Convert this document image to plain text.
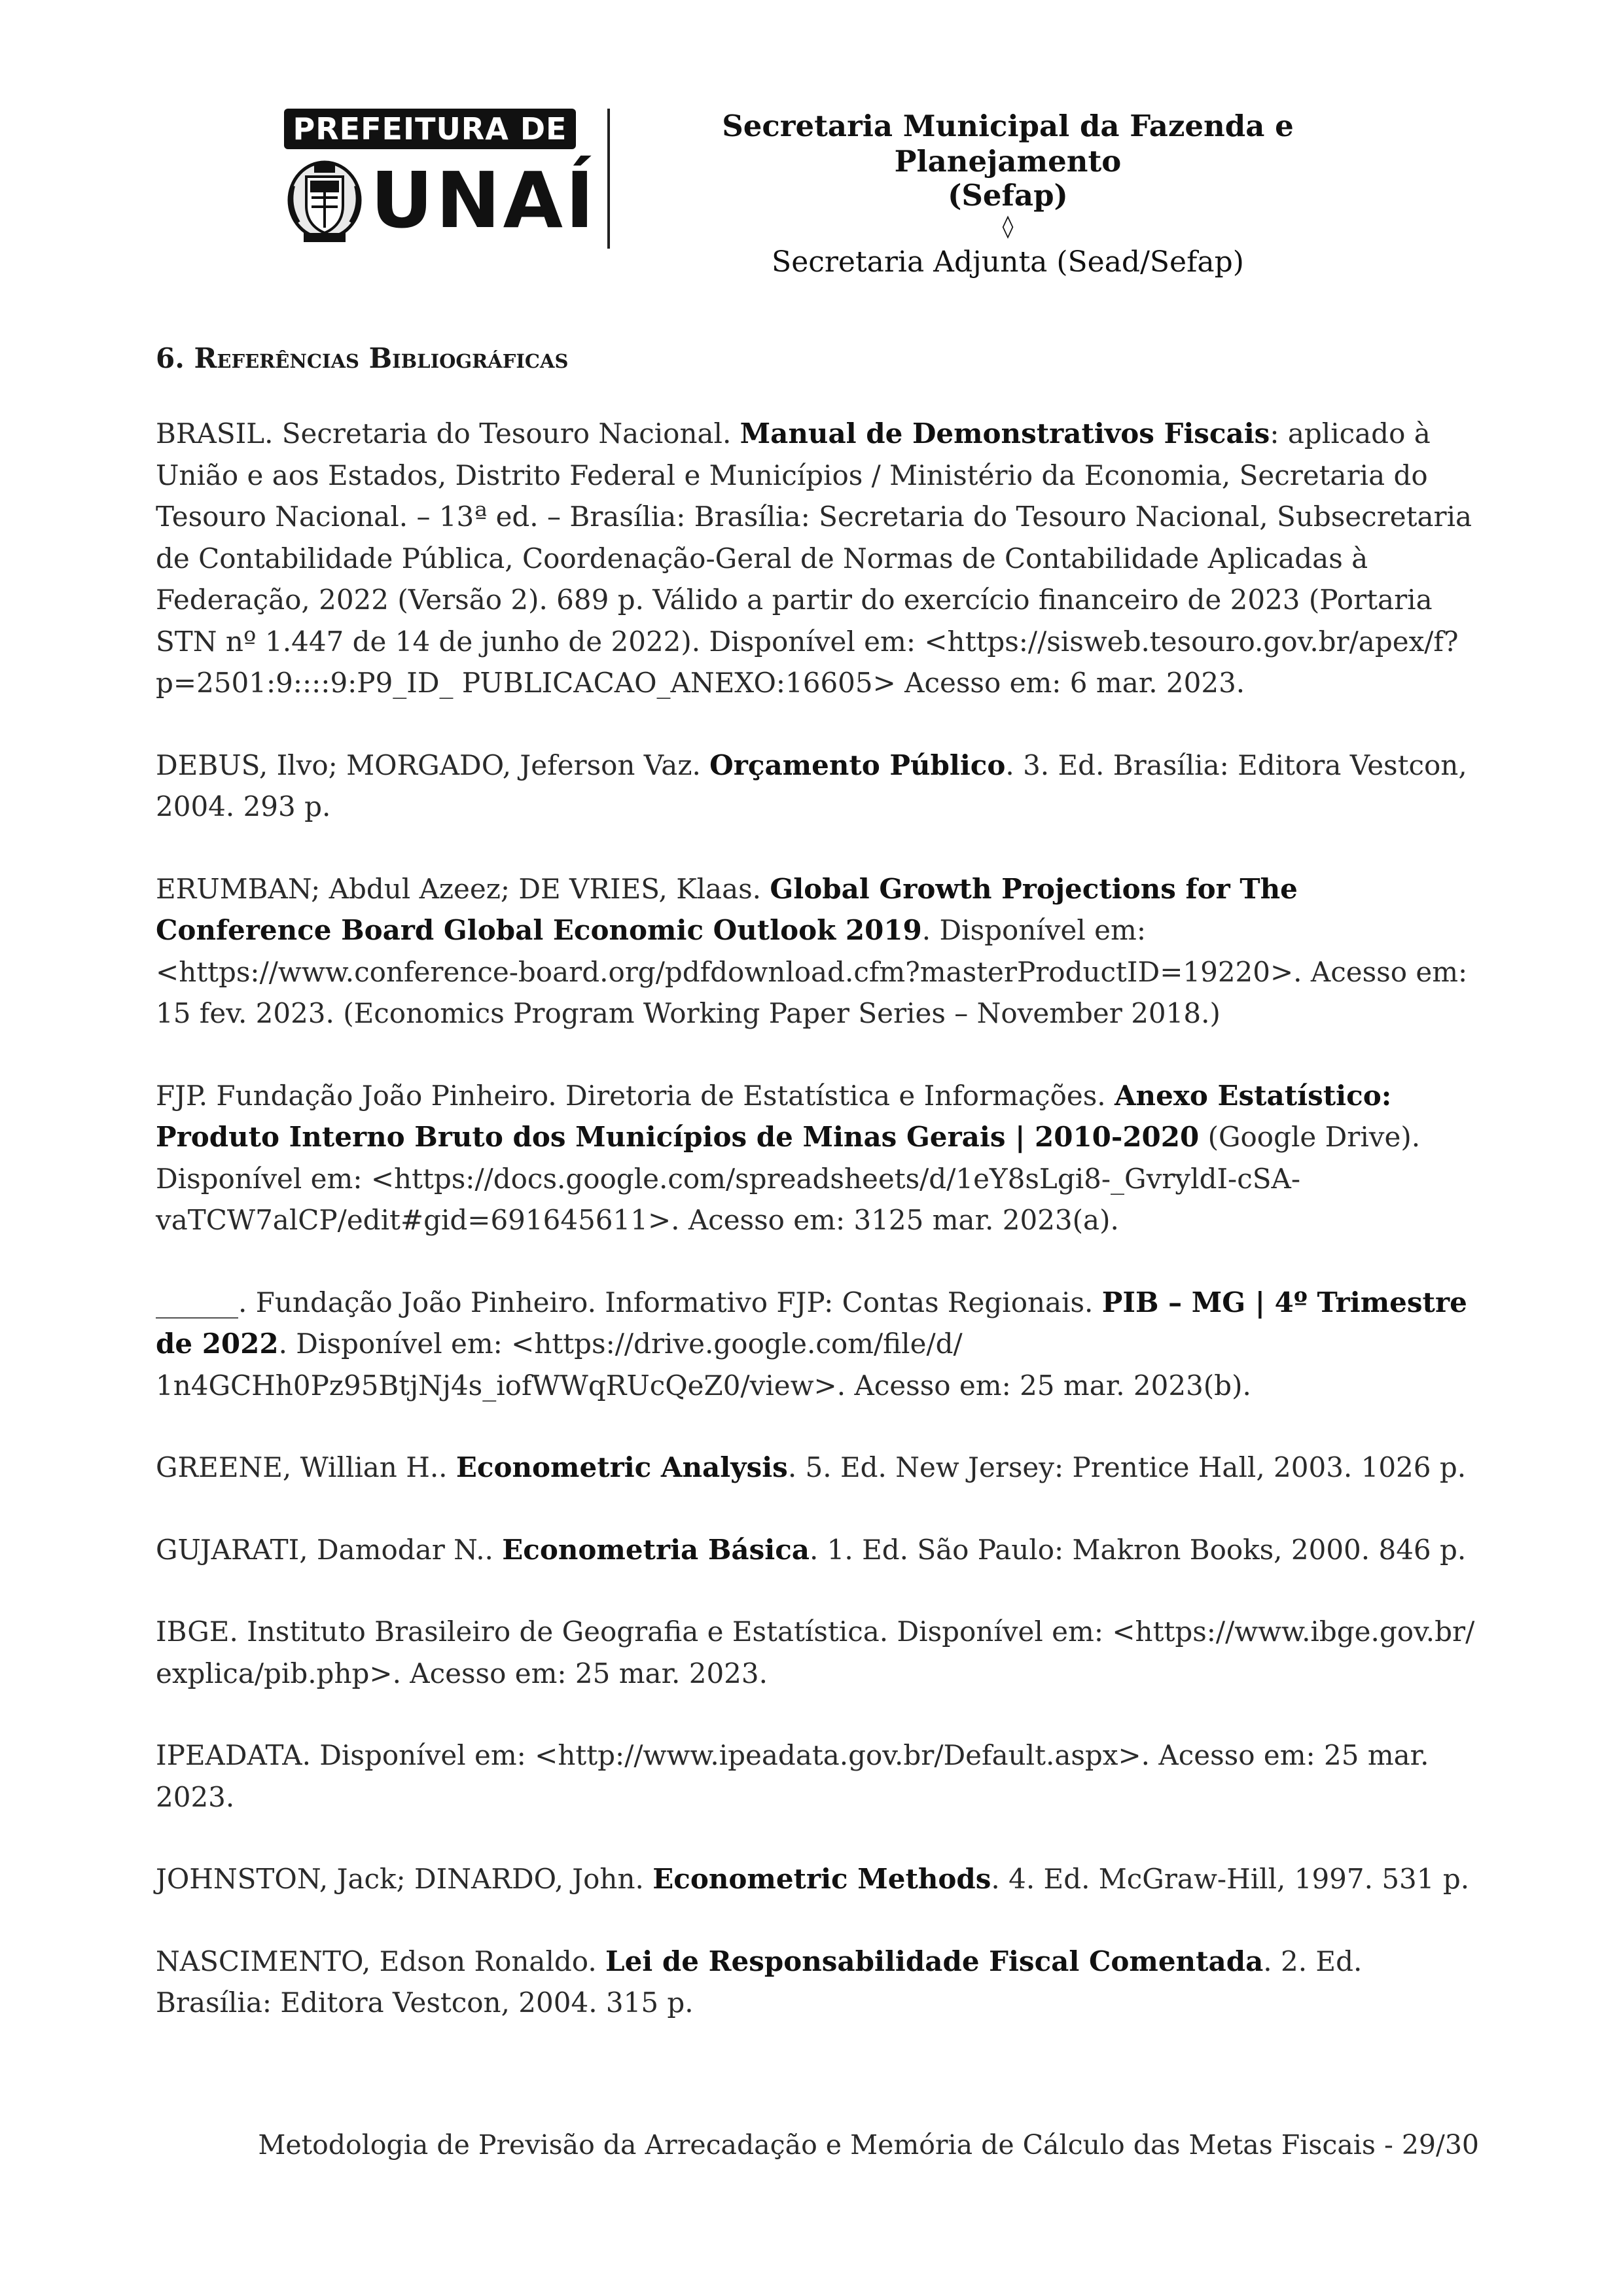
PREFEITURA DE
UNAÍ

Secretaria Municipal da Fazenda e Planejamento

(Sefap)

◊

Secretaria Adjunta (Sead/Sefap)

6. Referências Bibliográficas

BRASIL. Secretaria do Tesouro Nacional. Manual de Demonstrativos Fiscais: aplicado à União e aos Estados, Distrito Federal e Municípios / Ministério da Economia, Secretaria do Tesouro Nacional. – 13ª ed. – Brasília: Brasília: Secretaria do Tesouro Nacional, Subsecretaria de Contabilidade Pública, Coordenação-Geral de Normas de Contabilidade Aplicadas à Federação, 2022 (Versão 2). 689 p. Válido a partir do exercício financeiro de 2023 (Portaria STN nº 1.447 de 14 de junho de 2022). Disponível em: <https://sisweb.tesouro.gov.br/apex/f?p=2501:9::::9:P9_ID_ PUBLICACAO_ANEXO:16605> Acesso em: 6 mar. 2023.

DEBUS, Ilvo; MORGADO, Jeferson Vaz. Orçamento Público. 3. Ed. Brasília: Editora Vestcon, 2004. 293 p.

ERUMBAN; Abdul Azeez; DE VRIES, Klaas. Global Growth Projections for The Conference Board Global Economic Outlook 2019. Disponível em: <https://www.conference-board.org/pdfdownload.cfm?masterProductID=19220>. Acesso em: 15 fev. 2023. (Economics Program Working Paper Series – November 2018.)

FJP. Fundação João Pinheiro. Diretoria de Estatística e Informações. Anexo Estatístico: Produto Interno Bruto dos Municípios de Minas Gerais | 2010-2020 (Google Drive). Disponível em: <https://docs.google.com/spreadsheets/d/1eY8sLgi8-_GvryldI-cSA-vaTCW7alCP/edit#gid=691645611>. Acesso em: 3125 mar. 2023(a).

______. Fundação João Pinheiro. Informativo FJP: Contas Regionais. PIB – MG | 4º Trimestre de 2022. Disponível em: <https://drive.google.com/file/d/ 1n4GCHh0Pz95BtjNj4s_iofWWqRUcQeZ0/view>. Acesso em: 25 mar. 2023(b).

GREENE, Willian H.. Econometric Analysis. 5. Ed. New Jersey: Prentice Hall, 2003. 1026 p.

GUJARATI, Damodar N.. Econometria Básica. 1. Ed. São Paulo: Makron Books, 2000. 846 p.

IBGE. Instituto Brasileiro de Geografia e Estatística. Disponível em: <https://www.ibge.gov.br/ explica/pib.php>. Acesso em: 25 mar. 2023.

IPEADATA. Disponível em: <http://www.ipeadata.gov.br/Default.aspx>. Acesso em: 25 mar. 2023.

JOHNSTON, Jack; DINARDO, John. Econometric Methods. 4. Ed. McGraw-Hill, 1997. 531 p.

NASCIMENTO, Edson Ronaldo. Lei de Responsabilidade Fiscal Comentada. 2. Ed. Brasília: Editora Vestcon, 2004. 315 p.

Metodologia de Previsão da Arrecadação e Memória de Cálculo das Metas Fiscais - 29/30
